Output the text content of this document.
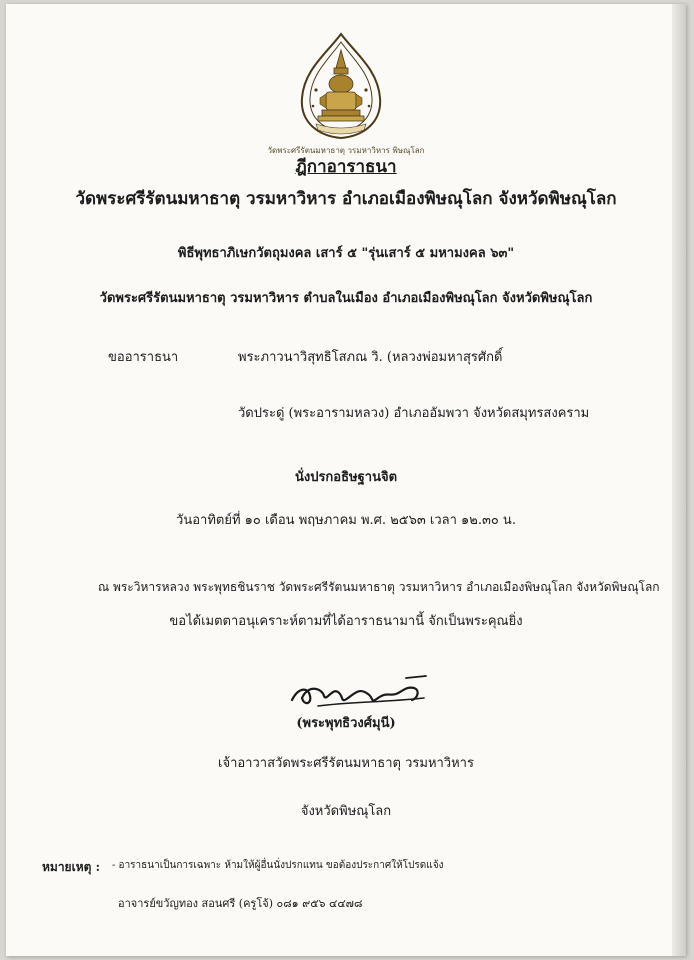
วัดพระศรีรัตนมหาธาตุ วรมหาวิหาร พิษณุโลก
ฎีกาอาราธนา
วัดพระศรีรัตนมหาธาตุ วรมหาวิหาร อำเภอเมืองพิษณุโลก จังหวัดพิษณุโลก
พิธีพุทธาภิเษกวัตถุมงคล เสาร์ ๕ "รุ่นเสาร์ ๕ มหามงคล ๖๓"
วัดพระศรีรัตนมหาธาตุ วรมหาวิหาร ตำบลในเมือง อำเภอเมืองพิษณุโลก จังหวัดพิษณุโลก
ขออาราธนา	พระภาวนาวิสุทธิโสภณ วิ. (หลวงพ่อมหาสุรศักดิ์
วัดประดู่ (พระอารามหลวง) อำเภออัมพวา จังหวัดสมุทรสงคราม
นั่งปรกอธิษฐานจิต
วันอาทิตย์ที่ ๑๐ เดือน พฤษภาคม พ.ศ. ๒๕๖๓ เวลา ๑๒.๓๐ น.
ณ พระวิหารหลวง พระพุทธชินราช วัดพระศรีรัตนมหาธาตุ วรมหาวิหาร อำเภอเมืองพิษณุโลก จังหวัดพิษณุโลก
ขอได้เมตตาอนุเคราะห์ตามที่ได้อาราธนามานี้ จักเป็นพระคุณยิ่ง
(พระพุทธิวงศ์มุนี)
เจ้าอาวาสวัดพระศรีรัตนมหาธาตุ วรมหาวิหาร
จังหวัดพิษณุโลก
หมายเหตุ : - อาราธนาเป็นการเฉพาะ ห้ามให้ผู้อื่นนั่งปรกแทน ขอต้องประกาศให้โปรดแจ้ง
อาจารย์ขวัญทอง สอนศรี (ครูโจ้) ๐๘๑ ๙๕๖ ๔๔๗๘
